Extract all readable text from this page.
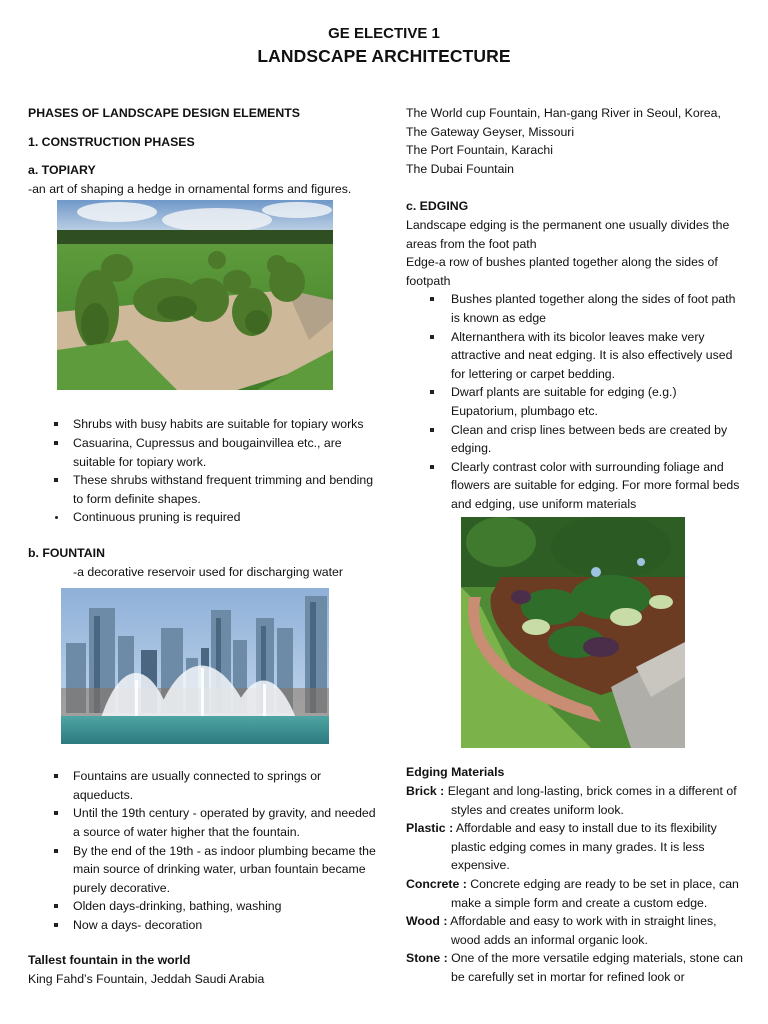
GE ELECTIVE 1
LANDSCAPE ARCHITECTURE

PHASES OF LANDSCAPE DESIGN ELEMENTS

1. CONSTRUCTION PHASES

a. TOPIARY

-an art of shaping a hedge in ornamental forms and figures.

Shrubs with busy habits are suitable for topiary works
Casuarina, Cupressus and bougainvillea etc., are suitable for topiary work.
These shrubs withstand frequent trimming and bending to form definite shapes.
Continuous pruning is required

b. FOUNTAIN

-a decorative reservoir used for discharging water

Fountains are usually connected to springs or aqueducts.
Until the 19th century - operated by gravity, and needed a source of water higher that the fountain.
By the end of the 19th - as indoor plumbing became the main source of drinking water, urban fountain became purely decorative.
Olden days-drinking, bathing, washing
Now a days- decoration

Tallest fountain in the world

King Fahd’s Fountain, Jeddah Saudi Arabia

The World cup Fountain, Han-gang River in Seoul, Korea,

The Gateway Geyser, Missouri

The Port Fountain, Karachi

The Dubai Fountain

c. EDGING

Landscape edging is the permanent one usually divides the areas from the foot path

Edge-a row of bushes planted together along the sides of footpath

Bushes planted together along the sides of foot path is known as edge
Alternanthera with its bicolor leaves make very attractive and neat edging. It is also effectively used for lettering or carpet bedding.
Dwarf plants are suitable for edging (e.g.) Eupatorium, plumbago etc.
Clean and crisp lines between beds are created by edging.
Clearly contrast color with surrounding foliage and flowers are suitable for edging. For more formal beds and edging, use uniform materials

Edging Materials

Brick : Elegant and long-lasting, brick comes in a different of styles and creates uniform look.

Plastic : Affordable and easy to install due to its flexibility plastic edging comes in many grades. It is less expensive.

Concrete : Concrete edging are ready to be set in place, can make a simple form and create a custom edge.

Wood : Affordable and easy to work with in straight lines, wood adds an informal organic look.

Stone : One of the more versatile edging materials, stone can be carefully set in mortar for refined look or
